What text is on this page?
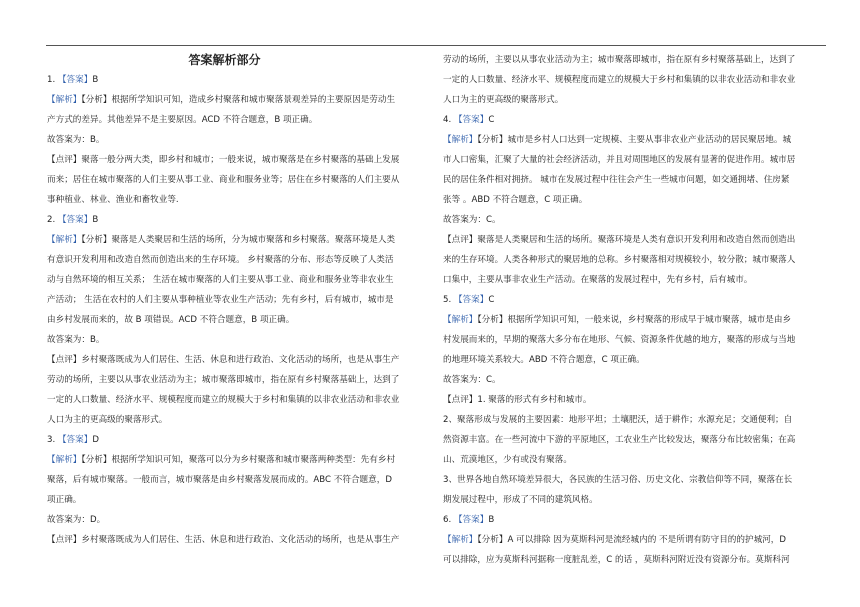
答案解析部分

1. 【答案】B

【解析】【分析】根据所学知识可知，造成乡村聚落和城市聚落景观差异的主要原因是劳动生

产方式的差异。其他差异不是主要原因。ACD 不符合题意，B 项正确。

故答案为：B。

【点评】聚落一般分两大类，即乡村和城市；一般来说，城市聚落是在乡村聚落的基础上发展

而来；居住在城市聚落的人们主要从事工业、商业和服务业等；居住在乡村聚落的人们主要从

事种植业、林业、渔业和畜牧业等.

2. 【答案】B

【解析】【分析】聚落是人类聚居和生活的场所，分为城市聚落和乡村聚落。聚落环境是人类

有意识开发利用和改造自然而创造出来的生存环境。 乡村聚落的分布、形态等反映了人类活

动与自然环境的相互关系； 生活在城市聚落的人们主要从事工业、商业和服务业等非农业生

产活动； 生活在农村的人们主要从事种植业等农业生产活动；先有乡村，后有城市，城市是

由乡村发展而来的，故 B 项错误。ACD 不符合题意，B 项正确。

故答案为：B。

【点评】乡村聚落既成为人们居住、生活、休息和进行政治、文化活动的场所，也是从事生产

劳动的场所，主要以从事农业活动为主；城市聚落即城市，指在原有乡村聚落基础上，达到了

一定的人口数量、经济水平、规模程度而建立的规模大于乡村和集镇的以非农业活动和非农业

人口为主的更高级的聚落形式。

3. 【答案】D

【解析】【分析】根据所学知识可知，聚落可以分为乡村聚落和城市聚落两种类型：先有乡村

聚落，后有城市聚落。一般而言，城市聚落是由乡村聚落发展而成的。ABC 不符合题意，D

项正确。

故答案为：D。

【点评】乡村聚落既成为人们居住、生活、休息和进行政治、文化活动的场所，也是从事生产

劳动的场所，主要以从事农业活动为主；城市聚落即城市，指在原有乡村聚落基础上，达到了

一定的人口数量、经济水平、规模程度而建立的规模大于乡村和集镇的以非农业活动和非农业

人口为主的更高级的聚落形式。

4. 【答案】C

【解析】【分析】城市是乡村人口达到一定规模、主要从事非农业产业活动的居民聚居地。城

市人口密集，汇聚了大量的社会经济活动，并且对周围地区的发展有显著的促进作用。城市居

民的居住条件相对拥挤。 城市在发展过程中往往会产生一些城市问题，如交通拥堵、住房紧

张等 。ABD 不符合题意，C 项正确。

故答案为：C。

【点评】聚落是人类聚居和生活的场所。聚落环境是人类有意识开发利用和改造自然而创造出

来的生存环境。人类各种形式的聚居地的总称。乡村聚落相对规模较小，较分散；城市聚落人

口集中，主要从事非农业生产活动。在聚落的发展过程中，先有乡村，后有城市。

5. 【答案】C

【解析】【分析】根据所学知识可知，一般来说，乡村聚落的形成早于城市聚落，城市是由乡

村发展而来的，早期的聚落大多分布在地形、气候、资源条件优越的地方，聚落的形成与当地

的地理环境关系较大。ABD 不符合题意，C 项正确。

故答案为：C。

【点评】1. 聚落的形式有乡村和城市。

2、聚落形成与发展的主要因素：地形平坦；土壤肥沃，适于耕作；水源充足；交通便利；自

然资源丰富。在一些河流中下游的平原地区，工农业生产比较发达，聚落分布比较密集；在高

山、荒漠地区，少有或没有聚落。

3、世界各地自然环境差异很大，各民族的生活习俗、历史文化、宗教信仰等不同，聚落在长

期发展过程中，形成了不同的建筑风格。

6. 【答案】B

【解析】【分析】A 可以排除 因为莫斯科河是流经城内的 不是所谓有防守目的的护城河，D

可以排除，应为莫斯科河据称一度脏乱差，C 的话 ，莫斯科河附近没有资源分布。莫斯科河
